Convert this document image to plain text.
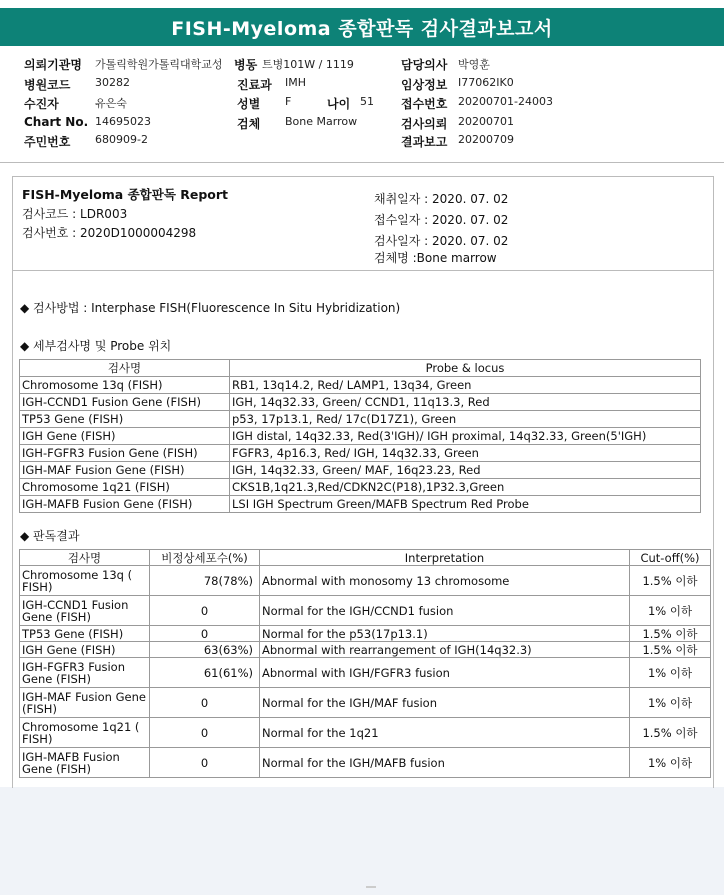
FISH-Myeloma 종합판독 검사결과보고서
의뢰기관명 가톨릭학원가톨릭대학교성 병동 트병101W / 1119	담당의사 박영훈
병원코드 30282	진료과 IMH	임상정보 I77062IK0
수진자	유은숙	성별 F	나이 51 접수번호 20200701-24003
Chart No. 14695023	검체 Bone Marrow	검사의뢰 20200701
주민번호 680909-2	결과보고 20200709
FISH-Myeloma 종합판독 Report
검사코드 : LDR003
검사번호 : 2020D1000004298
채취일자 : 2020. 07. 02
접수일자 : 2020. 07. 02
검사일자 : 2020. 07. 02
검체명 :Bone marrow
◆ 검사방법 : Interphase FISH(Fluorescence In Situ Hybridization)
◆ 세부검사명 및 Probe 위치
검사명	Probe & locus
Chromosome 13q (FISH)	RB1, 13q14.2, Red/ LAMP1, 13q34, Green
IGH-CCND1 Fusion Gene (FISH)	IGH, 14q32.33, Green/ CCND1, 11q13.3, Red
TP53 Gene (FISH)	p53, 17p13.1, Red/ 17c(D17Z1), Green
IGH Gene (FISH)	IGH distal, 14q32.33, Red(3'IGH)/ IGH proximal, 14q32.33, Green(5'IGH)
IGH-FGFR3 Fusion Gene (FISH)	FGFR3, 4p16.3, Red/ IGH, 14q32.33, Green
IGH-MAF Fusion Gene (FISH)	IGH, 14q32.33, Green/ MAF, 16q23.23, Red
Chromosome 1q21 (FISH)	CKS1B,1q21.3,Red/CDKN2C(P18),1P32.3,Green
IGH-MAFB Fusion Gene (FISH)	LSI IGH Spectrum Green/MAFB Spectrum Red Probe
◆ 판독결과
검사명	비정상세포수(%)	Interpretation	Cut-off(%)
Chromosome 13q ( FISH)	78(78%)	Abnormal with monosomy 13 chromosome	1.5% 이하
IGH-CCND1 Fusion Gene (FISH)	0	Normal for the IGH/CCND1 fusion	1% 이하
TP53 Gene (FISH)	0	Normal for the p53(17p13.1)	1.5% 이하
IGH Gene (FISH)	63(63%)	Abnormal with rearrangement of IGH(14q32.3)	1.5% 이하
IGH-FGFR3 Fusion Gene (FISH)	61(61%)	Abnormal with IGH/FGFR3 fusion	1% 이하
IGH-MAF Fusion Gene (FISH)	0	Normal for the IGH/MAF fusion	1% 이하
Chromosome 1q21 ( FISH)	0	Normal for the 1q21	1.5% 이하
IGH-MAFB Fusion Gene (FISH)	0	Normal for the IGH/MAFB fusion	1% 이하
